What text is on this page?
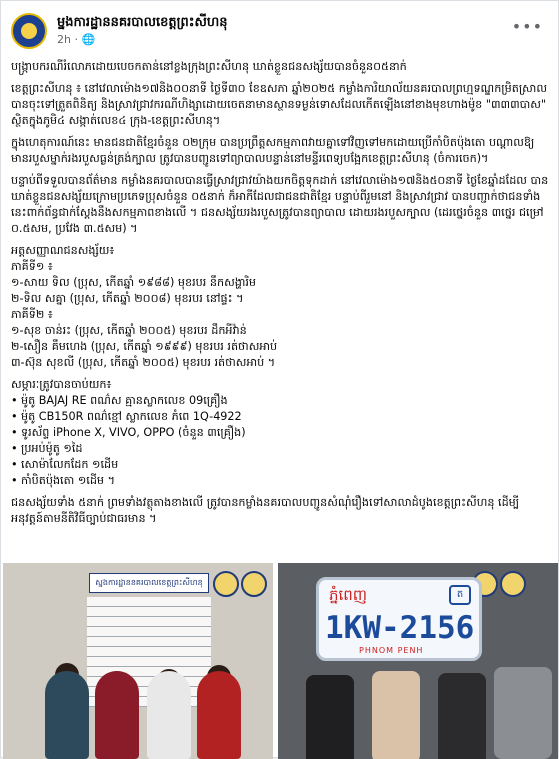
ម្នងការដ្ឋាននគរបាលខេត្តព្រះសីហនុ
2h · 🌐
•••

បង្ក្រាបករណីរំលោភដោយបេចកតាន់នៅខ្លងក្រុងព្រះសីហនុ ឃាត់ខ្លួនជនសង្ស័យបានចំនួន០៥នាក់

ខេត្តព្រះសីហនុ ៖ នៅវេលាម៉ោង១៧និង០០នាទី ថ្ងៃទី៣០ ខែឧសភា ឆ្នាំ២០២៥ កម្លាំងការិយាល័យនគរបាលព្រហ្មទណ្ឌកម្រិតស្រាល បានចុះទៅត្រួតពិនិត្យ និងស្រាវជ្រាវករណីហិង្សាដោយចេតនាមានស្ថានទម្ងន់ទោសដែលកើតឡើងនៅខាងមុខហាងម៉ូខ "៣៣៣បាស" ស្ថិតក្នុងភូមិ៤ សង្កាត់លេខ៤ ក្រុង-ខេត្តព្រះសីហនុ។

ក្នុងហេតុការណ៍នេះ មានជនជាតិខ្មែរចំនួន ០២ក្រុម បានប្រព្រឹត្តសកម្មភាពវាយគ្នាទៅវិញទៅមកដោយប្រើកាំបិតប៉ុងតោ បណ្តាលឱ្យមានរបួសម្នាក់រងរបួសធ្ងន់ត្រង់ក្បាល ត្រូវបានបញ្ជូនទៅព្យាបាលបន្ទាន់នៅមន្ទីរពេទ្យបង្អែកខេត្តព្រះសីហនុ (ចំការចេក)។

បន្ទាប់ពីទទួលបានព័ត៌មាន កម្លាំងនគរបាលបានធ្វើស្រាវជ្រាវយ៉ាងយកចិត្តទុកដាក់ នៅវេលាម៉ោង១៧និង៥០នាទី ថ្ងៃខែឆ្នាំដដែល បានឃាត់ខ្លួនជនសង្ស័យក្រោមប្រភេទប្រុសចំនួន ០៥នាក់ ក៏អាកីដែលជាជនជាតិខ្មែរ បន្ទាប់ពីរួមនៅ និងស្រាវជ្រាវ បានបញ្ជាក់ថាជនទាំងនេះពាក់ព័ន្ធជាក់ស្តែងនឹងសកម្មភាពខាងលើ ។ ជនសង្ស័យរងរបួសត្រូវបានព្យាបាល ដោយរងរបួសក្បាល (ដេរថ្នេរចំនួន ៣ថ្នេរ ជម្រៅ ០.៥សម, ប្រវែង ៣.៥សម) ។

អត្តសញ្ញាណជនសង្ស័យ៖
ភាគីទី១ ៖
១-សាយ ទិល (ប្រុស, កើតឆ្នាំ ១៩៨៨) មុខរបរ នឹកសង្ហារិម
២-ទិល សគ្នា (ប្រុស, កើតឆ្នាំ ២០០៨) មុខរបរ នៅផ្ទះ ។
ភាគីទី២ ៖
១-សុខ ចាន់រះ (ប្រុស, កើតឆ្នាំ ២០០៥) មុខរបរ ដឹកអីវ៉ាន់
២-សឿន គឹមហេង (ប្រុស, កើតឆ្នាំ ១៩៩៩) មុខរបរ រត់ថាសអាប់
៣-ស៊ុន សុខលី (ប្រុស, កើតឆ្នាំ ២០០៥) មុខរបរ រត់ថាសអាប់ ។
សម្ភារៈត្រូវបានចាប់យក៖
• ម៉ូតូ BAJAJ RE ពណ៌ស គ្មានស្លាកលេខ 09គ្រឿង
• ម៉ូតូ CB150R ពណ៌ខ្មៅ ស្លាកលេខ ភំពេ 1Q-4922
• ទូរស័ព្ទ iPhone X, VIVO, OPPO (ចំនួន ៣គ្រឿង)
• ប្រអប់ម៉ូតូ ១ដៃ
• សោម៉ាលែកដែក ១ដើម
• កាំបិតប៉ុងតោ ១ដើម ។

ជនសង្ស័យទាំង ៥នាក់ ព្រមទាំងវត្ថុតាងខាងលើ ត្រូវបានកម្លាំងនគរបាលបញ្ជូនសំណុំរឿងទៅសាលាដំបូងខេត្តព្រះសីហនុ ដើម្បីអនុវត្តន៍តាមនីតិវិធីច្បាប់ជាធរមាន ។

ស្នងការដ្ឋាននគរបាលខេត្តព្រះសីហនុ
ភ្នំពេញ	ត
1KW-2156
PHNOM PENH
